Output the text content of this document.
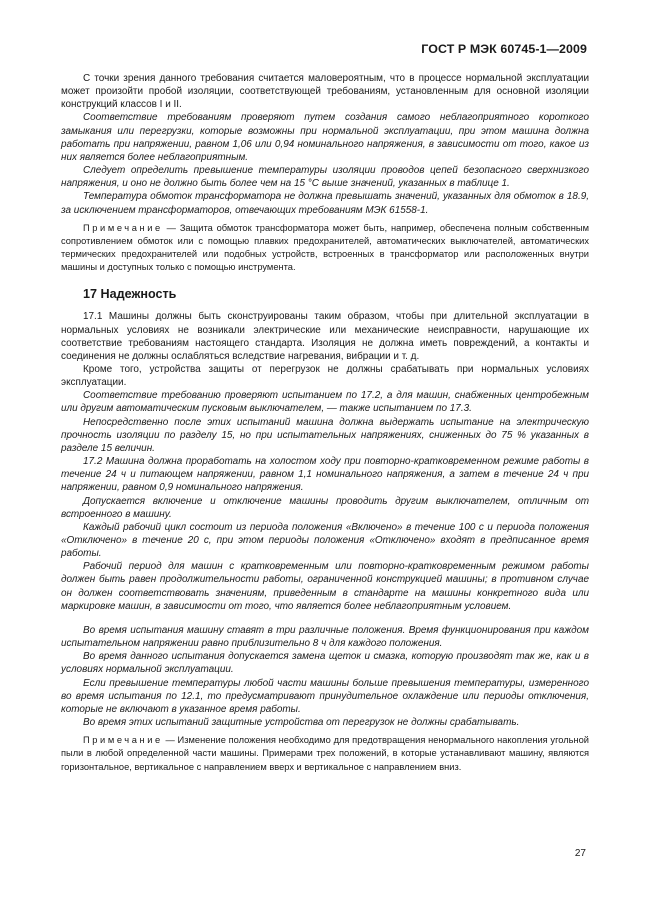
ГОСТ Р МЭК 60745-1—2009

С точки зрения данного требования считается маловероятным, что в процессе нормальной эксплуатации может произойти пробой изоляции, соответствующей требованиям, установленным для основной изоляции конструкций классов I и II.

Соответствие требованиям проверяют путем создания самого неблагоприятного короткого замыкания или перегрузки, которые возможны при нормальной эксплуатации, при этом машина должна работать при напряжении, равном 1,06 или 0,94 номинального напряжения, в зависимости от того, какое из них является более неблагоприятным.

Следует определить превышение температуры изоляции проводов цепей безопасного сверхнизкого напряжения, и оно не должно быть более чем на 15 °С выше значений, указанных в таблице 1.

Температура обмоток трансформатора не должна превышать значений, указанных для обмоток в 18.9, за исключением трансформаторов, отвечающих требованиям МЭК 61558-1.

Примечание — Защита обмоток трансформатора может быть, например, обеспечена полным собственным сопротивлением обмоток или с помощью плавких предохранителей, автоматических выключателей, автоматических термических предохранителей или подобных устройств, встроенных в трансформатор или расположенных внутри машины и доступных только с помощью инструмента.

17 Надежность

17.1 Машины должны быть сконструированы таким образом, чтобы при длительной эксплуатации в нормальных условиях не возникали электрические или механические неисправности, нарушающие их соответствие требованиям настоящего стандарта. Изоляция не должна иметь повреждений, а контакты и соединения не должны ослабляться вследствие нагревания, вибрации и т. д.

Кроме того, устройства защиты от перегрузок не должны срабатывать при нормальных условиях эксплуатации.

Соответствие требованию проверяют испытанием по 17.2, а для машин, снабженных центробежным или другим автоматическим пусковым выключателем, — также испытанием по 17.3.

Непосредственно после этих испытаний машина должна выдержать испытание на электрическую прочность изоляции по разделу 15, но при испытательных напряжениях, сниженных до 75 % указанных в разделе 15 величин.

17.2 Машина должна проработать на холостом ходу при повторно-кратковременном режиме работы в течение 24 ч и питающем напряжении, равном 1,1 номинального напряжения, а затем в течение 24 ч при напряжении, равном 0,9 номинального напряжения.

Допускается включение и отключение машины проводить другим выключателем, отличным от встроенного в машину.

Каждый рабочий цикл состоит из периода положения «Включено» в течение 100 с и периода положения «Отключено» в течение 20 с, при этом периоды положения «Отключено» входят в предписанное время работы.

Рабочий период для машин с кратковременным или повторно-кратковременным режимом работы должен быть равен продолжительности работы, ограниченной конструкцией машины; в противном случае он должен соответствовать значениям, приведенным в стандарте на машины конкретного вида или маркировке машин, в зависимости от того, что является более неблагоприятным условием.

Во время испытания машину ставят в три различные положения. Время функционирования при каждом испытательном напряжении равно приблизительно 8 ч для каждого положения.

Во время данного испытания допускается замена щеток и смазка, которую производят так же, как и в условиях нормальной эксплуатации.

Если превышение температуры любой части машины больше превышения температуры, измеренного во время испытания по 12.1, то предусматривают принудительное охлаждение или периоды отключения, которые не включают в указанное время работы.

Во время этих испытаний защитные устройства от перегрузок не должны срабатывать.

Примечание — Изменение положения необходимо для предотвращения ненормального накопления угольной пыли в любой определенной части машины. Примерами трех положений, в которые устанавливают машину, являются горизонтальное, вертикальное с направлением вверх и вертикальное с направлением вниз.

27
